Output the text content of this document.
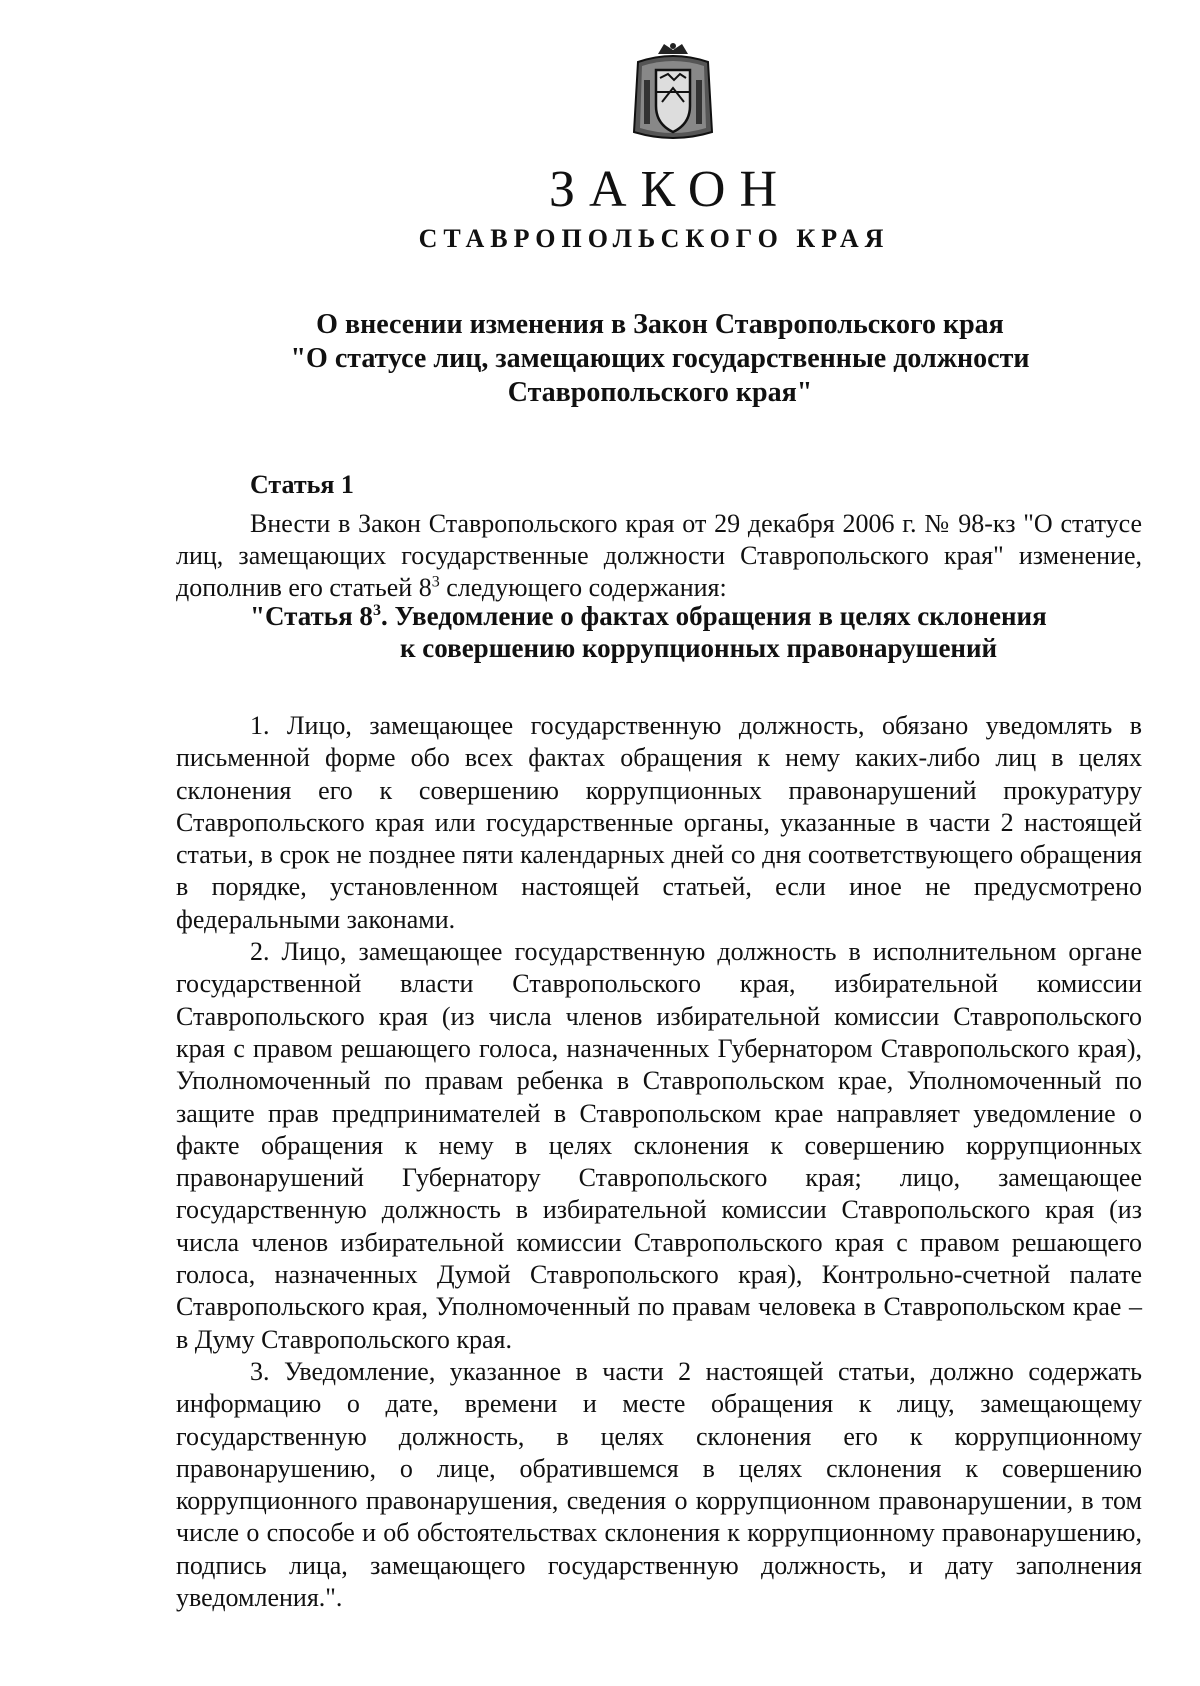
ЗАКОН
СТАВРОПОЛЬСКОГО КРАЯ
О внесении изменения в Закон Ставропольского края
"О статусе лиц, замещающих государственные должности
Ставропольского края"
Статья 1

Внести в Закон Ставропольского края от 29 декабря 2006 г. № 98-кз "О статусе лиц, замещающих государственные должности Ставропольского края" изменение, дополнив его статьей $8^3$ следующего содержания:

"Статья $8^3$. Уведомление о фактах обращения в целях склонения
к совершению коррупционных правонарушений

1. Лицо, замещающее государственную должность, обязано уведомлять в письменной форме обо всех фактах обращения к нему каких-либо лиц в целях склонения его к совершению коррупционных правонарушений прокуратуру Ставропольского края или государственные органы, указанные в части 2 настоящей статьи, в срок не позднее пяти календарных дней со дня соответствующего обращения в порядке, установленном настоящей статьей, если иное не предусмотрено федеральными законами.

2. Лицо, замещающее государственную должность в исполнительном органе государственной власти Ставропольского края, избирательной комиссии Ставропольского края (из числа членов избирательной комиссии Ставропольского края с правом решающего голоса, назначенных Губернатором Ставропольского края), Уполномоченный по правам ребенка в Ставропольском крае, Уполномоченный по защите прав предпринимателей в Ставропольском крае направляет уведомление о факте обращения к нему в целях склонения к совершению коррупционных правонарушений Губернатору Ставропольского края; лицо, замещающее государственную должность в избирательной комиссии Ставропольского края (из числа членов избирательной комиссии Ставропольского края с правом решающего голоса, назначенных Думой Ставропольского края), Контрольно-счетной палате Ставропольского края, Уполномоченный по правам человека в Ставропольском крае – в Думу Ставропольского края.

3. Уведомление, указанное в части 2 настоящей статьи, должно содержать информацию о дате, времени и месте обращения к лицу, замещающему государственную должность, в целях склонения его к коррупционному правонарушению, о лице, обратившемся в целях склонения к совершению коррупционного правонарушения, сведения о коррупционном правонарушении, в том числе о способе и об обстоятельствах склонения к коррупционному правонарушению, подпись лица, замещающего государственную должность, и дату заполнения уведомления.".
